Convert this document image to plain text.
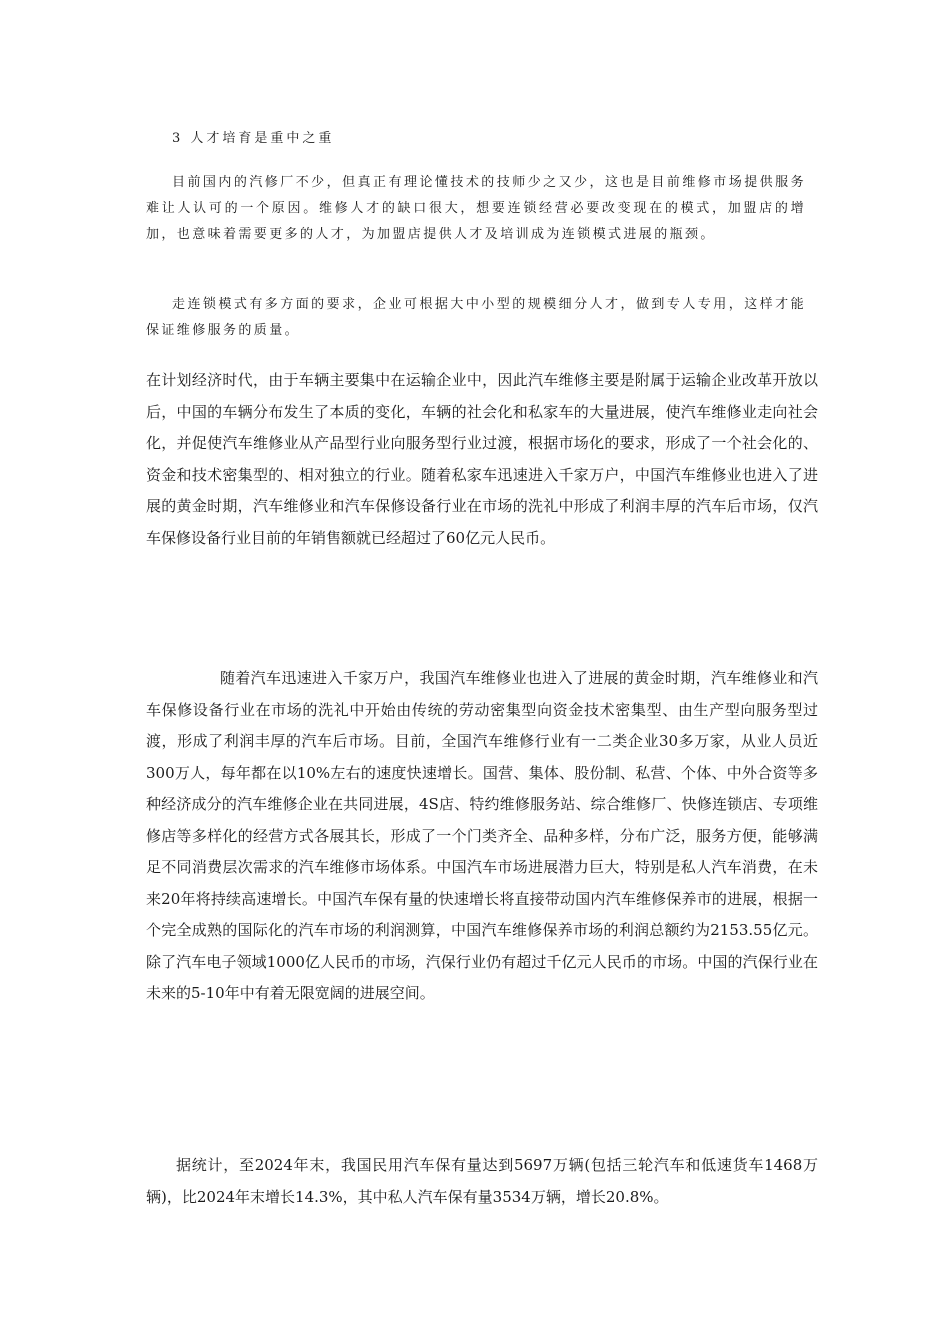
3 人才培育是重中之重

目前国内的汽修厂不少，但真正有理论懂技术的技师少之又少，这也是目前维修市场提供服务难让人认可的一个原因。维修人才的缺口很大，想要连锁经营必要改变现在的模式，加盟店的增加，也意味着需要更多的人才，为加盟店提供人才及培训成为连锁模式进展的瓶颈。

走连锁模式有多方面的要求，企业可根据大中小型的规模细分人才，做到专人专用，这样才能保证维修服务的质量。

在计划经济时代，由于车辆主要集中在运输企业中，因此汽车维修主要是附属于运输企业改革开放以后，中国的车辆分布发生了本质的变化，车辆的社会化和私家车的大量进展，使汽车维修业走向社会化，并促使汽车维修业从产品型行业向服务型行业过渡，根据市场化的要求，形成了一个社会化的、资金和技术密集型的、相对独立的行业。随着私家车迅速进入千家万户，中国汽车维修业也进入了进展的黄金时期，汽车维修业和汽车保修设备行业在市场的洗礼中形成了利润丰厚的汽车后市场，仅汽车保修设备行业目前的年销售额就已经超过了60亿元人民币。

随着汽车迅速进入千家万户，我国汽车维修业也进入了进展的黄金时期，汽车维修业和汽车保修设备行业在市场的洗礼中开始由传统的劳动密集型向资金技术密集型、由生产型向服务型过渡，形成了利润丰厚的汽车后市场。目前，全国汽车维修行业有一二类企业30多万家，从业人员近300万人，每年都在以10%左右的速度快速增长。国营、集体、股份制、私营、个体、中外合资等多种经济成分的汽车维修企业在共同进展，4S店、特约维修服务站、综合维修厂、快修连锁店、专项维修店等多样化的经营方式各展其长，形成了一个门类齐全、品种多样，分布广泛，服务方便，能够满足不同消费层次需求的汽车维修市场体系。中国汽车市场进展潜力巨大，特别是私人汽车消费，在未来20年将持续高速增长。中国汽车保有量的快速增长将直接带动国内汽车维修保养市的进展，根据一个完全成熟的国际化的汽车市场的利润测算，中国汽车维修保养市场的利润总额约为2153.55亿元。除了汽车电子领域1000亿人民币的市场，汽保行业仍有超过千亿元人民币的市场。中国的汽保行业在未来的5-10年中有着无限宽阔的进展空间。

据统计，至2024年末，我国民用汽车保有量达到5697万辆(包括三轮汽车和低速货车1468万辆)，比2024年末增长14.3%，其中私人汽车保有量3534万辆，增长20.8%。
